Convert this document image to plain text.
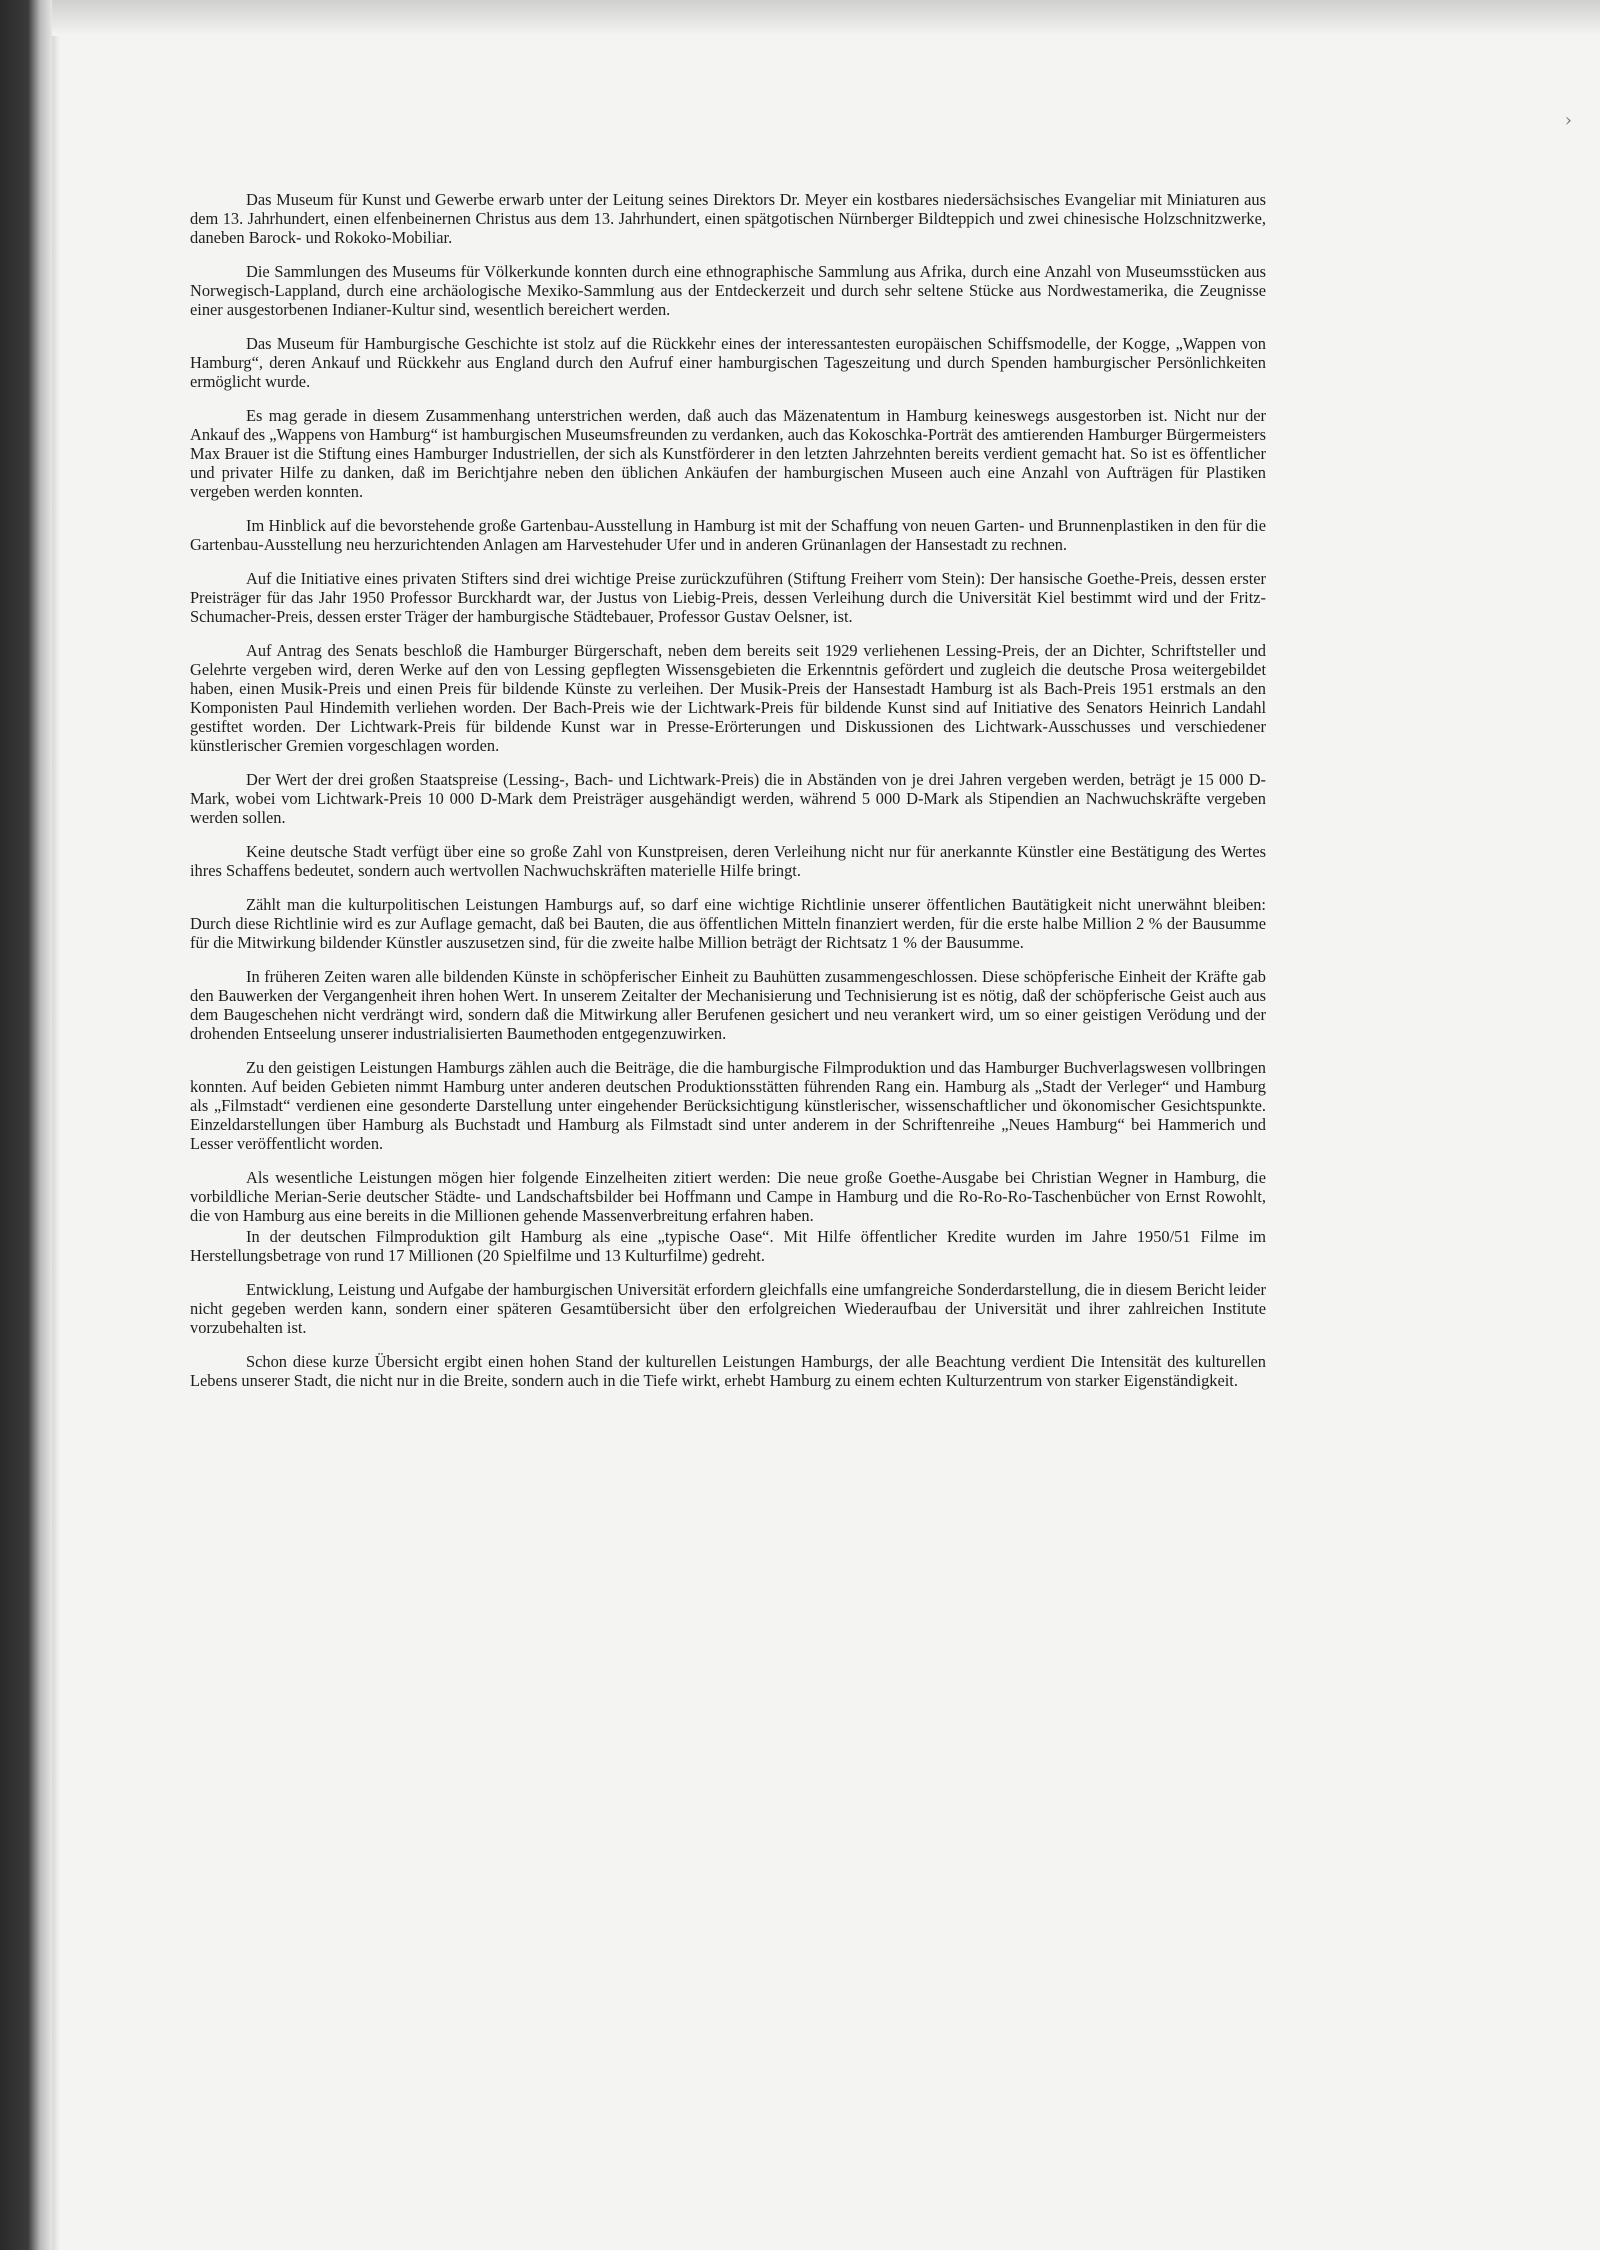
›

Das Museum für Kunst und Gewerbe erwarb unter der Leitung seines Direktors Dr. Meyer ein kostbares niedersächsisches Evangeliar mit Miniaturen aus dem 13. Jahrhundert, einen elfenbeinernen Christus aus dem 13. Jahrhundert, einen spätgotischen Nürnberger Bildteppich und zwei chinesische Holzschnitzwerke, daneben Barock- und Rokoko-Mobiliar.

Die Sammlungen des Museums für Völkerkunde konnten durch eine ethnographische Sammlung aus Afrika, durch eine Anzahl von Museumsstücken aus Norwegisch-Lappland, durch eine archäologische Mexiko-Sammlung aus der Entdeckerzeit und durch sehr seltene Stücke aus Nordwestamerika, die Zeugnisse einer ausgestorbenen Indianer-Kultur sind, wesentlich bereichert werden.

Das Museum für Hamburgische Geschichte ist stolz auf die Rückkehr eines der interessantesten europäischen Schiffsmodelle, der Kogge, „Wappen von Hamburg“, deren Ankauf und Rückkehr aus England durch den Aufruf einer hamburgischen Tageszeitung und durch Spenden hamburgischer Persönlichkeiten ermöglicht wurde.

Es mag gerade in diesem Zusammenhang unterstrichen werden, daß auch das Mäzenatentum in Hamburg keineswegs ausgestorben ist. Nicht nur der Ankauf des „Wappens von Hamburg“ ist hamburgischen Museumsfreunden zu verdanken, auch das Kokoschka-Porträt des amtierenden Hamburger Bürgermeisters Max Brauer ist die Stiftung eines Hamburger Industriellen, der sich als Kunstförderer in den letzten Jahrzehnten bereits verdient gemacht hat. So ist es öffentlicher und privater Hilfe zu danken, daß im Berichtjahre neben den üblichen Ankäufen der hamburgischen Museen auch eine Anzahl von Aufträgen für Plastiken vergeben werden konnten.

Im Hinblick auf die bevorstehende große Gartenbau-Ausstellung in Hamburg ist mit der Schaffung von neuen Garten- und Brunnenplastiken in den für die Gartenbau-Ausstellung neu herzurichtenden Anlagen am Harvestehuder Ufer und in anderen Grünanlagen der Hansestadt zu rechnen.

Auf die Initiative eines privaten Stifters sind drei wichtige Preise zurückzuführen (Stiftung Freiherr vom Stein): Der hansische Goethe-Preis, dessen erster Preisträger für das Jahr 1950 Professor Burckhardt war, der Justus von Liebig-Preis, dessen Verleihung durch die Universität Kiel bestimmt wird und der Fritz-Schumacher-Preis, dessen erster Träger der hamburgische Städtebauer, Professor Gustav Oelsner, ist.

Auf Antrag des Senats beschloß die Hamburger Bürgerschaft, neben dem bereits seit 1929 verliehenen Lessing-Preis, der an Dichter, Schriftsteller und Gelehrte vergeben wird, deren Werke auf den von Lessing gepflegten Wissensgebieten die Erkenntnis gefördert und zugleich die deutsche Prosa weitergebildet haben, einen Musik-Preis und einen Preis für bildende Künste zu verleihen. Der Musik-Preis der Hansestadt Hamburg ist als Bach-Preis 1951 erstmals an den Komponisten Paul Hindemith verliehen worden. Der Bach-Preis wie der Lichtwark-Preis für bildende Kunst sind auf Initiative des Senators Heinrich Landahl gestiftet worden. Der Lichtwark-Preis für bildende Kunst war in Presse-Erörterungen und Diskussionen des Lichtwark-Ausschusses und verschiedener künstlerischer Gremien vorgeschlagen worden.

Der Wert der drei großen Staatspreise (Lessing-, Bach- und Lichtwark-Preis) die in Abständen von je drei Jahren vergeben werden, beträgt je 15 000 D-Mark, wobei vom Lichtwark-Preis 10 000 D-Mark dem Preisträger ausgehändigt werden, während 5 000 D-Mark als Stipendien an Nachwuchskräfte vergeben werden sollen.

Keine deutsche Stadt verfügt über eine so große Zahl von Kunstpreisen, deren Verleihung nicht nur für anerkannte Künstler eine Bestätigung des Wertes ihres Schaffens bedeutet, sondern auch wertvollen Nachwuchskräften materielle Hilfe bringt.

Zählt man die kulturpolitischen Leistungen Hamburgs auf, so darf eine wichtige Richtlinie unserer öffentlichen Bautätigkeit nicht unerwähnt bleiben: Durch diese Richtlinie wird es zur Auflage gemacht, daß bei Bauten, die aus öffentlichen Mitteln finanziert werden, für die erste halbe Million 2 % der Bausumme für die Mitwirkung bildender Künstler auszusetzen sind, für die zweite halbe Million beträgt der Richtsatz 1 % der Bausumme.

In früheren Zeiten waren alle bildenden Künste in schöpferischer Einheit zu Bauhütten zusammengeschlossen. Diese schöpferische Einheit der Kräfte gab den Bauwerken der Vergangenheit ihren hohen Wert. In unserem Zeitalter der Mechanisierung und Technisierung ist es nötig, daß der schöpferische Geist auch aus dem Baugeschehen nicht verdrängt wird, sondern daß die Mitwirkung aller Berufenen gesichert und neu verankert wird, um so einer geistigen Verödung und der drohenden Entseelung unserer industrialisierten Baumethoden entgegenzuwirken.

Zu den geistigen Leistungen Hamburgs zählen auch die Beiträge, die die hamburgische Filmproduktion und das Hamburger Buchverlagswesen vollbringen konnten. Auf beiden Gebieten nimmt Hamburg unter anderen deutschen Produktionsstätten führenden Rang ein. Hamburg als „Stadt der Verleger“ und Hamburg als „Filmstadt“ verdienen eine gesonderte Darstellung unter eingehender Berücksichtigung künstlerischer, wissenschaftlicher und ökonomischer Gesichtspunkte. Einzeldarstellungen über Hamburg als Buchstadt und Hamburg als Filmstadt sind unter anderem in der Schriftenreihe „Neues Hamburg“ bei Hammerich und Lesser veröffentlicht worden.

Als wesentliche Leistungen mögen hier folgende Einzelheiten zitiert werden: Die neue große Goethe-Ausgabe bei Christian Wegner in Hamburg, die vorbildliche Merian-Serie deutscher Städte- und Landschaftsbilder bei Hoffmann und Campe in Hamburg und die Ro-Ro-Ro-Taschenbücher von Ernst Rowohlt, die von Hamburg aus eine bereits in die Millionen gehende Massenverbreitung erfahren haben.

In der deutschen Filmproduktion gilt Hamburg als eine „typische Oase“. Mit Hilfe öffentlicher Kredite wurden im Jahre 1950/51 Filme im Herstellungsbetrage von rund 17 Millionen (20 Spielfilme und 13 Kulturfilme) gedreht.

Entwicklung, Leistung und Aufgabe der hamburgischen Universität erfordern gleichfalls eine umfangreiche Sonderdarstellung, die in diesem Bericht leider nicht gegeben werden kann, sondern einer späteren Gesamtübersicht über den erfolgreichen Wiederaufbau der Universität und ihrer zahlreichen Institute vorzubehalten ist.

Schon diese kurze Übersicht ergibt einen hohen Stand der kulturellen Leistungen Hamburgs, der alle Beachtung verdient Die Intensität des kulturellen Lebens unserer Stadt, die nicht nur in die Breite, sondern auch in die Tiefe wirkt, erhebt Hamburg zu einem echten Kulturzentrum von starker Eigenständigkeit.
